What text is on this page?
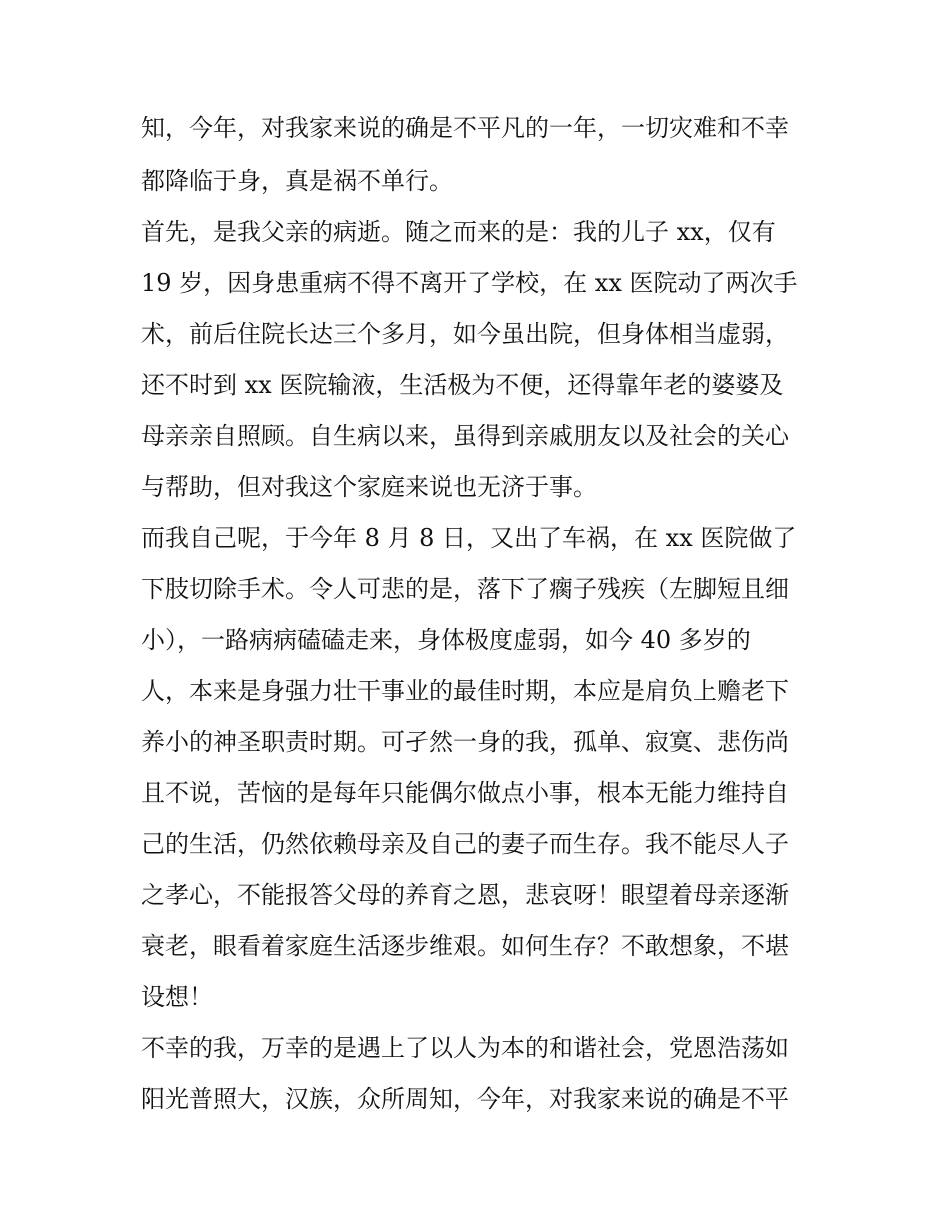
知，今年，对我家来说的确是不平凡的一年，一切灾难和不幸
都降临于身，真是祸不单行。
首先，是我父亲的病逝。随之而来的是：我的儿子 xx，仅有
19 岁，因身患重病不得不离开了学校，在 xx 医院动了两次手
术，前后住院长达三个多月，如今虽出院，但身体相当虚弱，
还不时到 xx 医院输液，生活极为不便，还得靠年老的婆婆及
母亲亲自照顾。自生病以来，虽得到亲戚朋友以及社会的关心
与帮助，但对我这个家庭来说也无济于事。
而我自己呢，于今年 8 月 8 日，又出了车祸，在 xx 医院做了
下肢切除手术。令人可悲的是，落下了瘸子残疾（左脚短且细
小），一路病病磕磕走来，身体极度虚弱，如今 40 多岁的
人，本来是身强力壮干事业的最佳时期，本应是肩负上赡老下
养小的神圣职责时期。可孑然一身的我，孤单、寂寞、悲伤尚
且不说，苦恼的是每年只能偶尔做点小事，根本无能力维持自
己的生活，仍然依赖母亲及自己的妻子而生存。我不能尽人子
之孝心，不能报答父母的养育之恩，悲哀呀！眼望着母亲逐渐
衰老，眼看着家庭生活逐步维艰。如何生存？不敢想象，不堪
设想！
不幸的我，万幸的是遇上了以人为本的和谐社会，党恩浩荡如
阳光普照大，汉族，众所周知，今年，对我家来说的确是不平
